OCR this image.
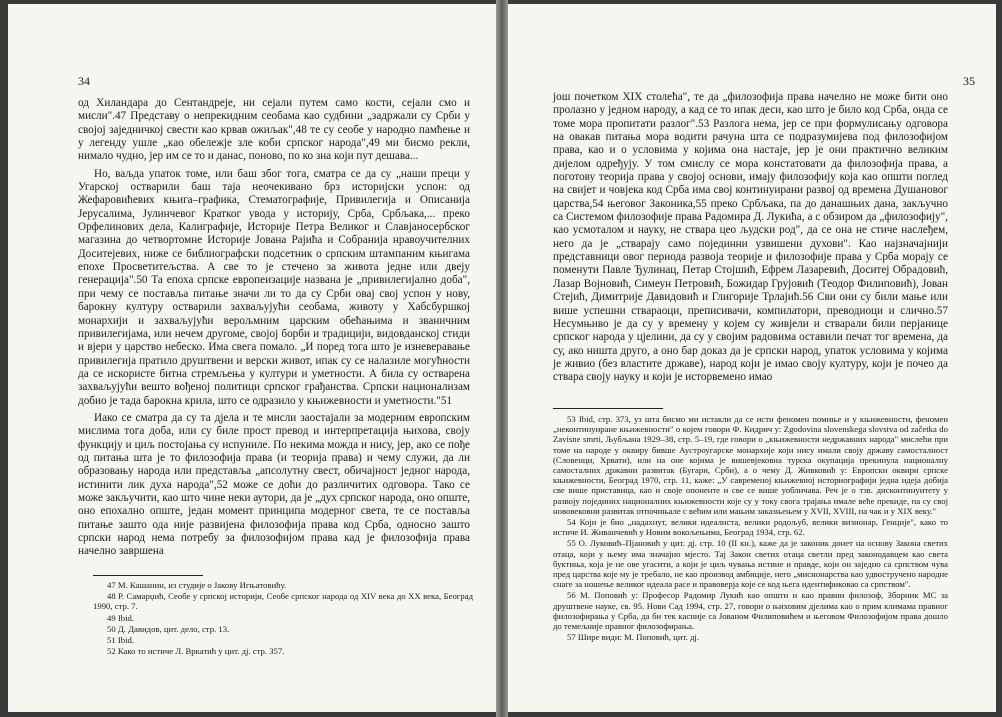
34

од Хиландара до Сентандреје, ни сејали путем само кости, сејали смо и мисли".47 Представу о непрекидним сеобама као судбини „задржали су Срби у својој заједничкој свести као крвав ожиљак",48 те су сеобе у народно памћење и у легенду ушле „као обележје зле коби српског народа",49 ми бисмо рекли, нимало чудно, јер им се то и данас, поново, по ко зна који пут дешава...

Но, ваљда упаток томе, или баш због тога, сматра се да су „наши преци у Угарској остварили баш таја неочекивано брз историјски успон: од Жефаровићевих књига–графика, Стематографије, Привилегија и Описанија Јерусалима, Јулинчевог Кратког увода у историју, Срба, Србљака,... преко Орфелинових дела, Калиграфије, Историје Петра Великог и Славјаносербског магазина до четвортомне Историје Јована Рајића и Собранија нравоучителних Доситејевих, ниже се библиографски подсетник о српским штампаним књигама епохе Просветитељства. А све то је стечено за живота једне или двеју генерација".50 Та епоха српске европеизације названа је „привилегијално доба", при чему се поставља питање значи ли то да су Срби овај свој успон у нову, барокну културу остварили захваљујући сеобама, животу у Хабсбуршкој монархији и захваљујући верољмним царским обећањима и званичним привилегијама, или нечем другоме, својој борби и традицији, видовданској стиди и вјери у царство небеско. Има свега помало. „И поред тога што је изневеравање привилегија пратило друштвени и верски живот, ипак су се налазиле могућности да се искористе битна стремљења у култури и уметности. А била су остварена захваљујући вешто вођеној политици српског грађанства. Српски национализам добио је тада барокна крила, што се одразило у књижевности и уметности."51

Иако се сматра да су та дјела и те мисли заостајали за модерним европским мислима тога доба, или су биле прост превод и интерпретација њихова, своју функцију и циљ постојања су испуниле. По некима можда и нису, јер, ако се пође од питања шта је то филозофија права (и теорија права) и чему служи, да ли образовању народа или представља „апсолутну свест, обичајност једног народа, истинити лик духа народа",52 може се доћи до различитих одговора. Тако се може закључити, као што чине неки аутори, да је „дух српског народа, оно опште, оно епохално опште, један момент принципа модерног света, те се поставља питање зашто ода није развијена филозофија права код Срба, односно зашто српски народ нема потребу за филозофијом права кад је филозофија права начелно завршена

47 М. Кашанин, из студије о Јакову Игњатовићу.

48 Р. Самарџић, Сеобе у српској историји, Сеобе српског народа од XIV века до XX века, Београд 1990, стр. 7.

49 Ibid.

50 Д. Давидов, цит. дело, стр. 13.

51 Ibid.

52 Како то истиче Л. Вркатић у цит. дј. стр. 357.

35

још почетком XIX столећа", те да „филозофија права начелно не може бити оно пролазно у једном народу, а кад се то ипак деси, као што је било код Срба, онда се томе мора пропитати разлог".53 Разлога нема, јер се при формулисању одговора на овакав питања мора водити рачуна шта се подразумијева под филозофијом права, као и о условима у којима она настаје, јер је они практично великим дијелом одређују. У том смислу се мора констатовати да филозофија права, а поготову теорија права у својој основи, имају филозофију која као општи поглед на свијет и човјека код Срба има свој континуирани развој од времена Душановог царства,54 његовог Законика,55 преко Србљака, па до данашњих дана, закључно са Системом филозофије права Радомира Д. Лукића, а с обзиром да „филозофију", као усмоталом и науку, не ствара цео људски род", да се она не стиче наслеђем, него да је „стварају само појединни узвишени духови". Као најзначајнији представници овог периода развоја теорије и филозофије права у Срба морају се поменути Павле Ђулинац, Петар Стојшић, Ефрем Лазаревић, Доситеј Обрадовић, Лазар Војновић, Симеун Петровић, Божидар Грујовић (Теодор Филиповић), Јован Стејић, Димитрије Давидовић и Глигорије Трлајић.56 Сви они су били мање или више успешни ствараоци, преписивачи, компилатори, преводиоци и слично.57 Несумњиво је да су у времену у којем су живјели и стварали били перјанице српског народа у цјелини, да су у својим радовима оставили печат тог времена, да су, ако ништа друго, а оно бар доказ да је српски народ, упаток условима у којима је живио (без властите државе), народ који је имао своју културу, који је почео да ствара своју науку и који је исторвемено имао

53 Ibid, стр. 373, уз шта бисмо ми истакли да се исти феномен помиње и у књижевности, феномен „неконтинуиране књижевности" о којем говори Ф. Кидрич у: Zgodovina slovenskega slovstva od začetka do Zavisne smrti, Љубљана 1929–38, стр. 5–19, где говори о „књижевности недржавних народа" мислећи при томе на народе у оквиру бивше Аустроугарске монархије који нису имали своју државу самосталност (Словенци, Хрвати), или на оне којима је вишевјековна турска окупација прекинула националну самосталних државни развитак (Бугари, Срби), а о чему Д. Живковић у: Европски оквири српске књижевности, Београд 1970, стр. 11, каже: „У савременој књижевној историографији једна идеја добија све више приставица, као и своје опоненте и све се више уобличава. Реч је о тзв. дисконтинуитету у развоју појединих националних књижевности које су у току свога трајања имале веће прекиде, па су свој нововековни развитак отпочињале с већим или мањим заказњењем у XVII, XVIII, па чак и у XIX веку."

54 Који је био „надахнут, велики идеалиста, велики родољуб, велики визионар, Генције", како то истиче И. Живанчевић у Новим вокољењима, Београд 1934, стр. 62.

55 О. Луковић–Пјановић у цит. дј. стр. 10 (II кн.), каже да је законик донет на основу Закона светих отаца, који у њему има значајно мјесто. Тај Закон светих отаца светли пред законодавцем као света буктиња, која је не ове угасити, а који је циљ чувања истине и правде, који он заједно са српством чува пред царства које му је требало, не као производ амбиције, него „мисионарства као удвостручено народне снаге за ношење великог идеала расе и правоверја које се код њега идентификовао са српством".

56 М. Поповић у: Професор Радомир Лукић као општи и као правни филозоф, Зборник МС за друштвене науке, св. 95. Нови Сад 1994, стр. 27, говори о њиховим дјелима као о прим климама правног филозофирања у Срба, да би тек касније са Јованом Филиповићем и његовом Филозофијом права дошло до темељније правног филозофирања.

57 Шире види: М. Поповић, цит. дј.
